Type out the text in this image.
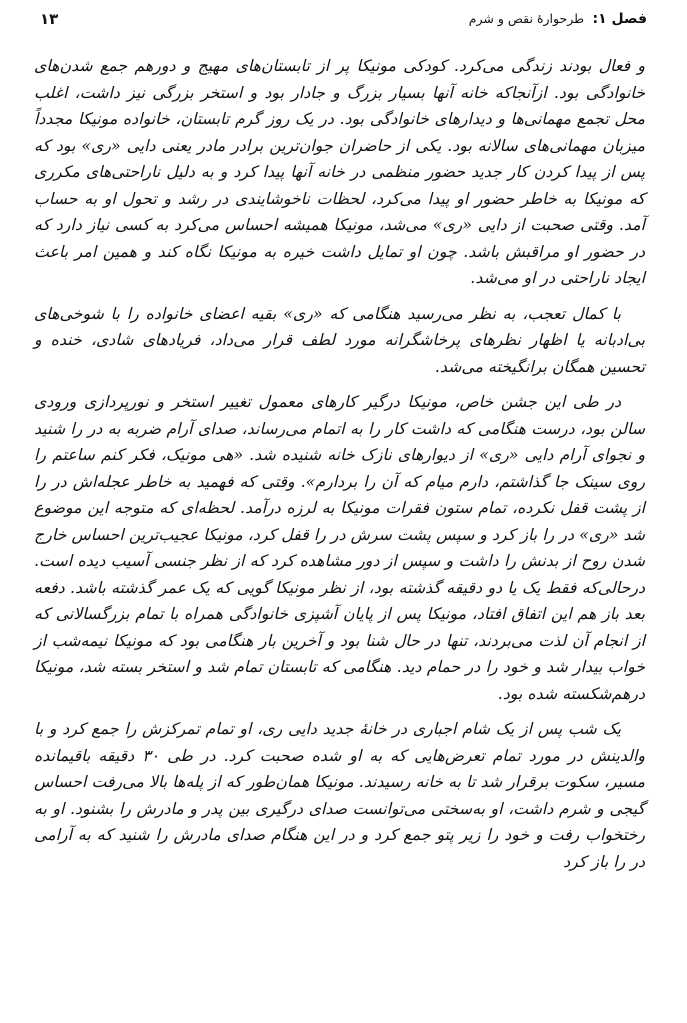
فصل ۱: طرحوارۀ نقص و شرم
۱۳

و فعال بودند زندگی می‌کرد. کودکی مونیکا پر از تابستان‌های مهیج و دورهم جمع شدن‌های خانوادگی بود. ازآنجاکه خانه آنها بسیار بزرگ و جادار بود و استخر بزرگی نیز داشت، اغلب محل تجمع مهمانی‌ها و دیدارهای خانوادگی بود. در یک روز گرم تابستان، خانواده مونیکا مجدداً میزبان مهمانی‌های سالانه بود. یکی از حاضران جوان‌ترین برادر مادر یعنی دایی «ری» بود که پس از پیدا کردن کار جدید حضور منظمی در خانه آنها پیدا کرد و به دلیل ناراحتی‌های مکرری که مونیکا به خاطر حضور او پیدا می‌کرد، لحظات ناخوشایندی در رشد و تحول او به حساب آمد. وقتی صحبت از دایی «ری» می‌شد، مونیکا همیشه احساس می‌کرد به کسی نیاز دارد که در حضور او مراقبش باشد. چون او تمایل داشت خیره به مونیکا نگاه کند و همین امر باعث ایجاد ناراحتی در او می‌شد.

با کمال تعجب، به نظر می‌رسید هنگامی که «ری» بقیه اعضای خانواده را با شوخی‌های بی‌ادبانه یا اظهار نظرهای پرخاشگرانه مورد لطف قرار می‌داد، فریادهای شادی، خنده و تحسین همگان برانگیخته می‌شد.

در طی این جشن خاص، مونیکا درگیر کارهای معمول تغییر استخر و نورپردازی ورودی سالن بود، درست هنگامی که داشت کار را به اتمام می‌رساند، صدای آرام ضربه به در را شنید و نجوای آرام دایی «ری» از دیوارهای نازک خانه شنیده شد. «هی مونیک، فکر کنم ساعتم را روی سینک جا گذاشتم، دارم میام که آن را بردارم». وقتی که فهمید به خاطر عجله‌اش در را از پشت قفل نکرده، تمام ستون فقرات مونیکا به لرزه درآمد. لحظه‌ای که متوجه این موضوع شد «ری» در را باز کرد و سپس پشت سرش در را قفل کرد، مونیکا عجیب‌ترین احساس خارج شدن روح از بدنش را داشت و سپس از دور مشاهده کرد که از نظر جنسی آسیب دیده است. درحالی‌که فقط یک یا دو دقیقه گذشته بود، از نظر مونیکا گویی که یک عمر گذشته باشد. دفعه بعد باز هم این اتفاق افتاد، مونیکا پس از پایان آشپزی خانوادگی همراه با تمام بزرگسالانی که از انجام آن لذت می‌بردند، تنها در حال شنا بود و آخرین بار هنگامی بود که مونیکا نیمه‌شب از خواب بیدار شد و خود را در حمام دید. هنگامی که تابستان تمام شد و استخر بسته شد، مونیکا درهم‌شکسته شده بود.

یک شب پس از یک شام اجباری در خانۀ جدید دایی ری، او تمام تمرکزش را جمع کرد و با والدینش در مورد تمام تعرض‌هایی که به او شده صحبت کرد. در طی ۳۰ دقیقه باقیمانده مسیر، سکوت برقرار شد تا به خانه رسیدند. مونیکا همان‌طور که از پله‌ها بالا می‌رفت احساس گیجی و شرم داشت، او به‌سختی می‌توانست صدای درگیری بین پدر و مادرش را بشنود. او به رختخواب رفت و خود را زیر پتو جمع کرد و در این هنگام صدای مادرش را شنید که به آرامی در را باز کرد
